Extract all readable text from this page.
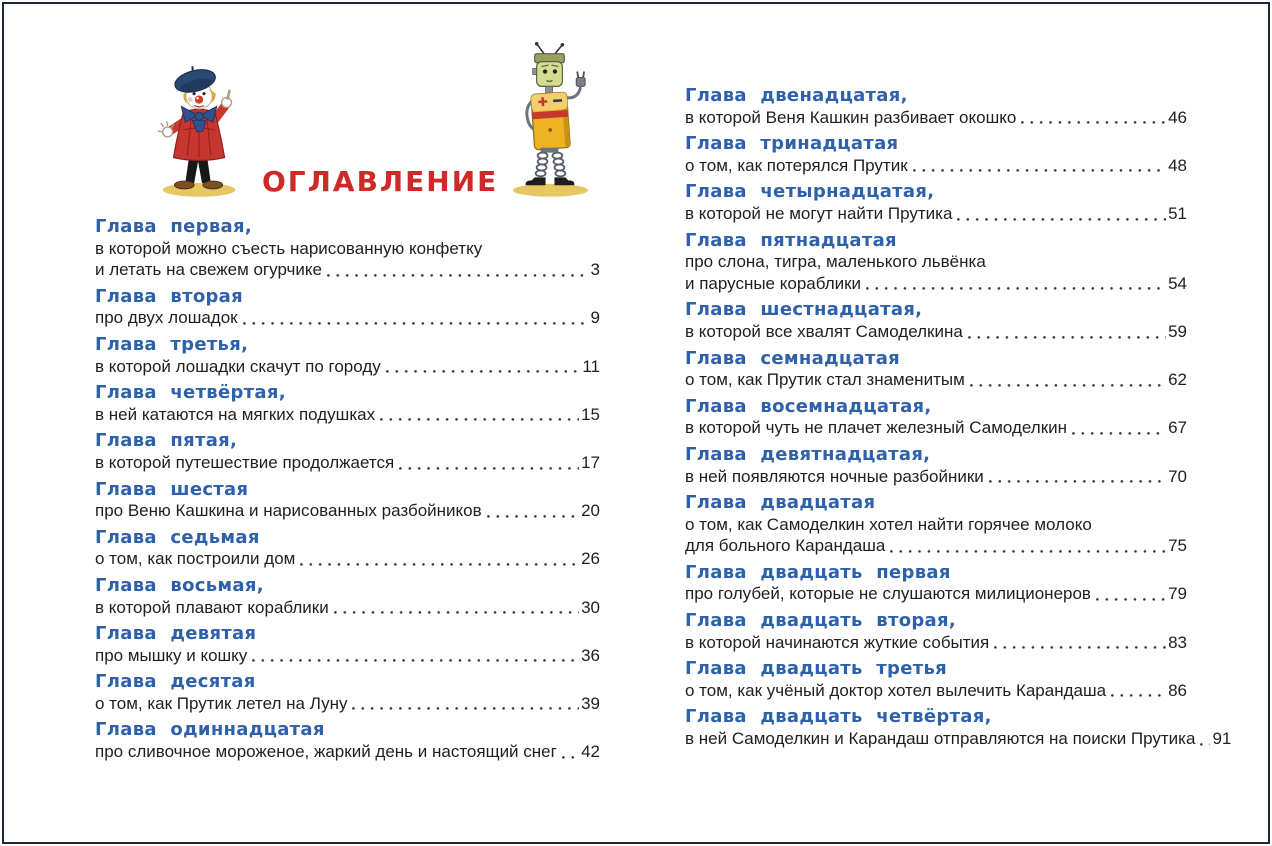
ОГЛАВЛЕНИЕ
Глава первая,
в которой можно съесть нарисованную конфетку
и летать на свежем огурчике	3
Глава вторая
про двух лошадок	9
Глава третья,
в которой лошадки скачут по городу	11
Глава четвёртая,
в ней катаются на мягких подушках	15
Глава пятая,
в которой путешествие продолжается	17
Глава шестая
про Веню Кашкина и нарисованных разбойников	20
Глава седьмая
о том, как построили дом	26
Глава восьмая,
в которой плавают кораблики	30
Глава девятая
про мышку и кошку	36
Глава десятая
о том, как Прутик летел на Луну	39
Глава одиннадцатая
про сливочное мороженое, жаркий день и настоящий снег 42
Глава двенадцатая,
в которой Веня Кашкин разбивает окошко	46
Глава тринадцатая
о том, как потерялся Прутик	48
Глава четырнадцатая,
в которой не могут найти Прутика	51
Глава пятнадцатая
про слона, тигра, маленького львёнка
и парусные кораблики	54
Глава шестнадцатая,
в которой все хвалят Самоделкина	59
Глава семнадцатая
о том, как Прутик стал знаменитым	62
Глава восемнадцатая,
в которой чуть не плачет железный Самоделкин	67
Глава девятнадцатая,
в ней появляются ночные разбойники	70
Глава двадцатая
о том, как Самоделкин хотел найти горячее молоко
для больного Карандаша	75
Глава двадцать первая
про голубей, которые не слушаются милиционеров	79
Глава двадцать вторая,
в которой начинаются жуткие события	83
Глава двадцать третья
о том, как учёный доктор хотел вылечить Карандаша	86
Глава двадцать четвёртая,
в ней Самоделкин и Карандаш отправляются на поиски Прутика 91
